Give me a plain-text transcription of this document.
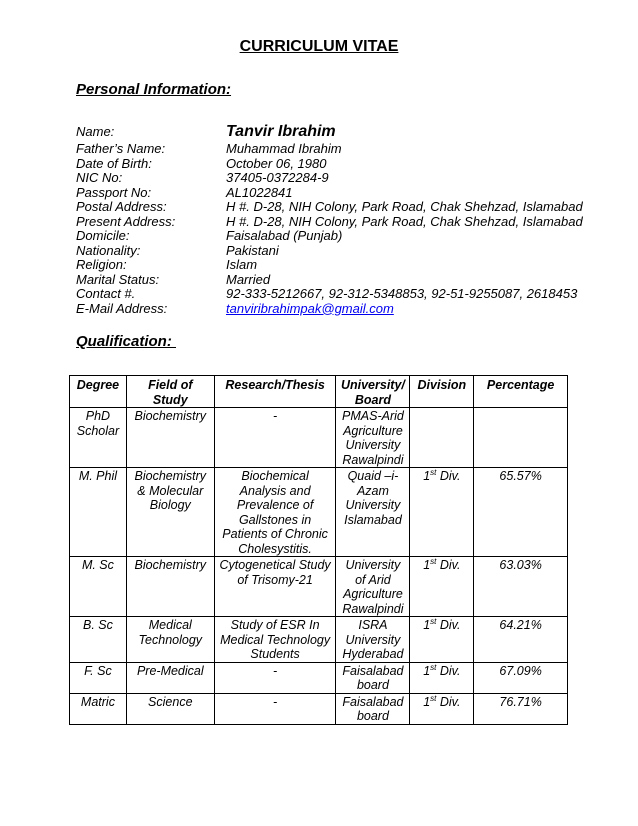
CURRICULUM VITAE
Personal Information:
Name:	Tanvir Ibrahim
Father’s Name:	Muhammad Ibrahim
Date of Birth:	October 06, 1980
NIC No:	37405-0372284-9
Passport No:	AL1022841
Postal Address:	H #. D-28, NIH Colony, Park Road, Chak Shehzad, Islamabad
Present Address:	H #. D-28, NIH Colony, Park Road, Chak Shehzad, Islamabad
Domicile:	Faisalabad (Punjab)
Nationality:	Pakistani
Religion:	Islam
Marital Status:	Married
Contact #.	92-333-5212667, 92-312-5348853, 92-51-9255087, 2618453
E-Mail Address:	tanviribrahimpak@gmail.com
Qualification:
Degree	Field of Study	Research/Thesis	University/ Board	Division	Percentage
PhD Scholar	Biochemistry	-	PMAS-Arid Agriculture University Rawalpindi		
M. Phil	Biochemistry & Molecular Biology	Biochemical Analysis and Prevalence of Gallstones in Patients of Chronic Cholesystitis.	Quaid –i-Azam University Islamabad	1st Div.	65.57%
M. Sc	Biochemistry	Cytogenetical Study of Trisomy-21	University of Arid Agriculture Rawalpindi	1st Div.	63.03%
B. Sc	Medical Technology	Study of ESR In Medical Technology Students	ISRA University Hyderabad	1st Div.	64.21%
F. Sc	Pre-Medical	-	Faisalabad board	1st Div.	67.09%
Matric	Science	-	Faisalabad board	1st Div.	76.71%
